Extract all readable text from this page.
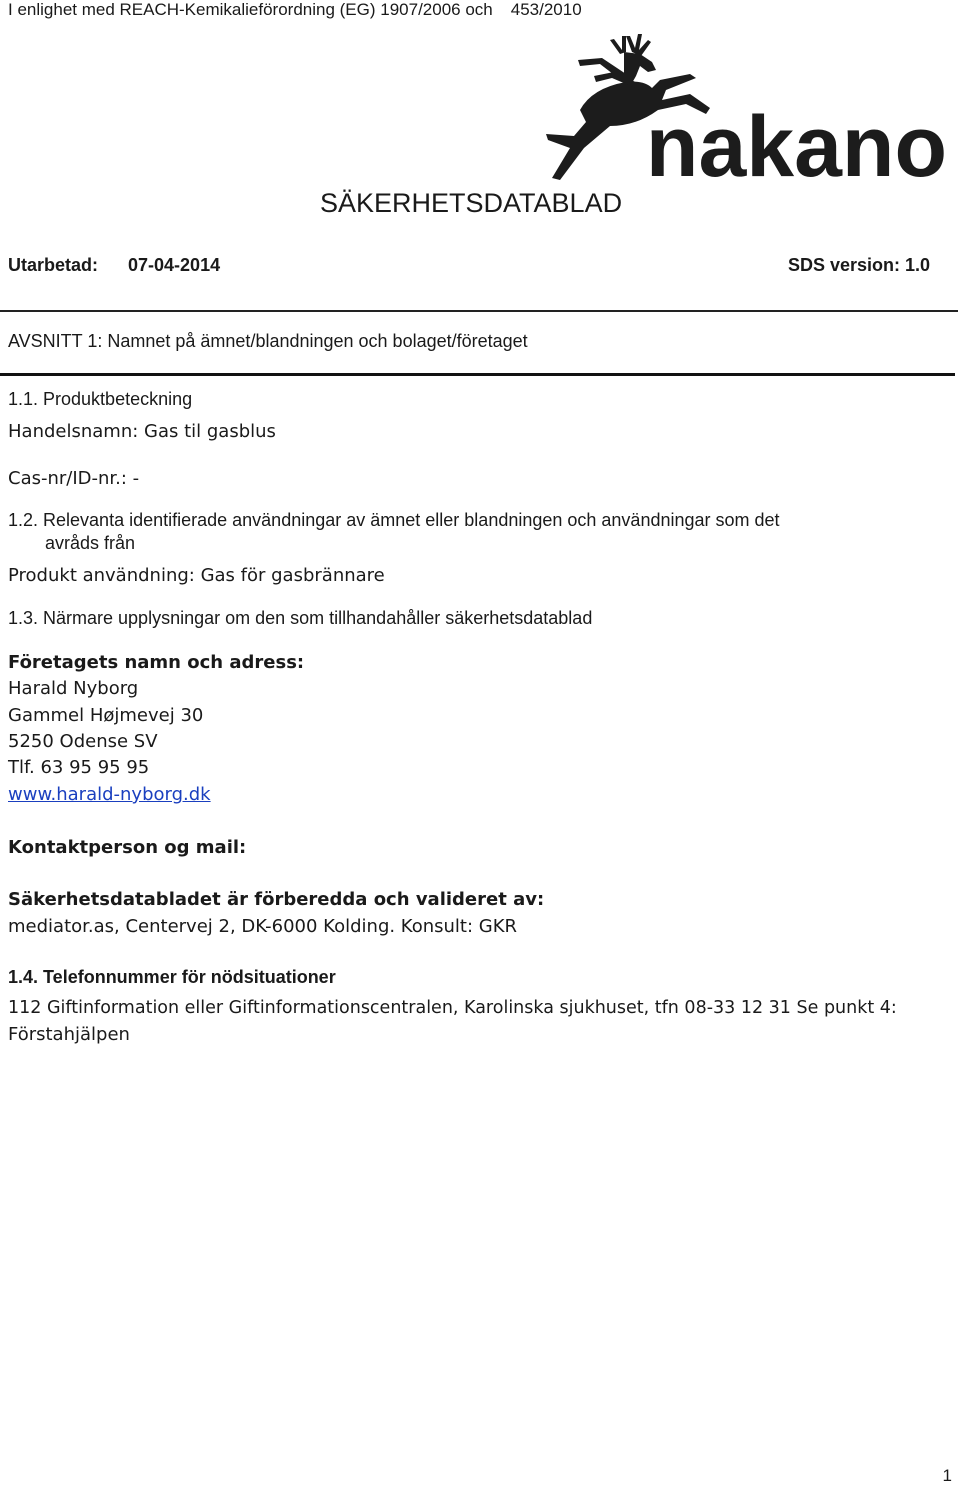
I enlighet med REACH-Kemikalieförordning (EG) 1907/2006 och 453/2010
nakano
SÄKERHETSDATABLAD
Utarbetad: 07-04-2014	SDS version: 1.0
AVSNITT 1: Namnet på ämnet/blandningen och bolaget/företaget
1.1. Produktbeteckning
Handelsnamn: Gas til gasblus
Cas-nr/ID-nr.: -
1.2. Relevanta identifierade användningar av ämnet eller blandningen och användningar som det
avråds från
Produkt användning: Gas för gasbrännare
1.3. Närmare upplysningar om den som tillhandahåller säkerhetsdatablad
Företagets namn och adress:
Harald Nyborg
Gammel Højmevej 30
5250 Odense SV
Tlf. 63 95 95 95
www.harald-nyborg.dk
Kontaktperson og mail:
Säkerhetsdatabladet är förberedda och valideret av:
mediator.as, Centervej 2, DK-6000 Kolding. Konsult: GKR
1.4. Telefonnummer för nödsituationer
112 Giftinformation eller Giftinformationscentralen, Karolinska sjukhuset, tfn 08-33 12 31 Se punkt 4:
Förstahjälpen
1
